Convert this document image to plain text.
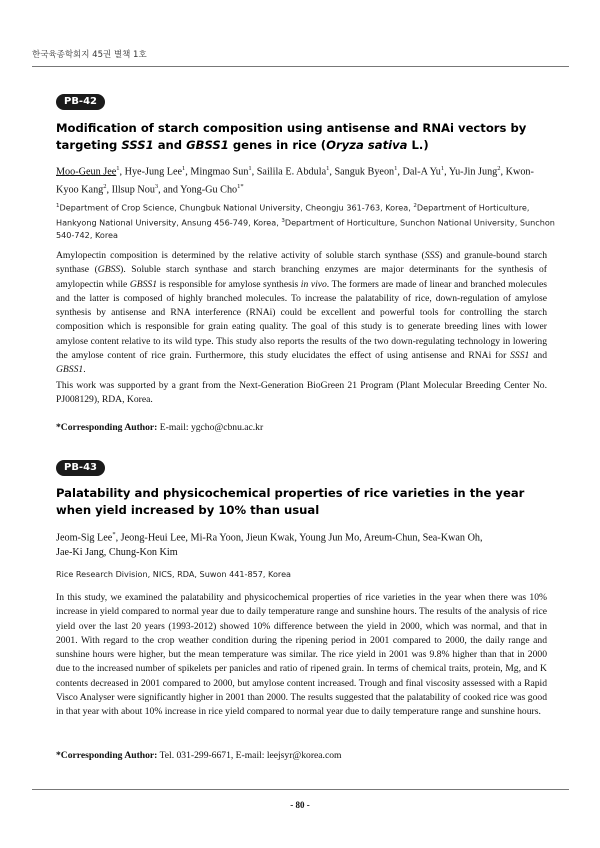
한국육종학회지 45권 별책 1호
PB-42
Modification of starch composition using antisense and RNAi vectors by targeting SSS1 and GBSS1 genes in rice (Oryza sativa L.)
Moo-Geun Jee$^1$, Hye-Jung Lee$^1$, Mingmao Sun$^1$, Sailila E. Abdula$^1$, Sanguk Byeon$^1$, Dal-A Yu$^1$, Yu-Jin Jung$^2$, Kwon-Kyoo Kang$^2$, Illsup Nou$^3$, and Yong-Gu Cho$^{1*}$
$^1$Department of Crop Science, Chungbuk National University, Cheongju 361-763, Korea, $^2$Department of Horticulture, Hankyong National University, Ansung 456-749, Korea, $^3$Department of Horticulture, Sunchon National University, Sunchon 540-742, Korea
Amylopectin composition is determined by the relative activity of soluble starch synthase (SSS) and granule-bound starch synthase (GBSS). Soluble starch synthase and starch branching enzymes are major determinants for the synthesis of amylopectin while GBSS1 is responsible for amylose synthesis in vivo. The formers are made of linear and branched molecules and the latter is composed of highly branched molecules. To increase the palatability of rice, down-regulation of amylose synthesis by antisense and RNA interference (RNAi) could be excellent and powerful tools for controlling the starch composition which is responsible for grain eating quality. The goal of this study is to generate breeding lines with lower amylose content relative to its wild type. This study also reports the results of the two down-regulating technology in lowering the amylose content of rice grain. Furthermore, this study elucidates the effect of using antisense and RNAi for SSS1 and GBSS1.
This work was supported by a grant from the Next-Generation BioGreen 21 Program (Plant Molecular Breeding Center No. PJ008129), RDA, Korea.
*Corresponding Author: E-mail: ygcho@cbnu.ac.kr
PB-43
Palatability and physicochemical properties of rice varieties in the year when yield increased by 10% than usual
Jeom-Sig Lee*, Jeong-Heui Lee, Mi-Ra Yoon, Jieun Kwak, Young Jun Mo, Areum-Chun, Sea-Kwan Oh,
Jae-Ki Jang, Chung-Kon Kim
Rice Research Division, NICS, RDA, Suwon 441-857, Korea
In this study, we examined the palatability and physicochemical properties of rice varieties in the year when there was 10% increase in yield compared to normal year due to daily temperature range and sunshine hours. The results of the analysis of rice yield over the last 20 years (1993-2012) showed 10% difference between the yield in 2000, which was normal, and that in 2001. With regard to the crop weather condition during the ripening period in 2001 compared to 2000, the daily range and sunshine hours were higher, but the mean temperature was similar. The rice yield in 2001 was 9.8% higher than that in 2000 due to the increased number of spikelets per panicles and ratio of ripened grain. In terms of chemical traits, protein, Mg, and K contents decreased in 2001 compared to 2000, but amylose content increased. Trough and final viscosity assessed with a Rapid Visco Analyser were significantly higher in 2001 than 2000. The results suggested that the palatability of cooked rice was good in that year with about 10% increase in rice yield compared to normal year due to daily temperature range and sunshine hours.
*Corresponding Author: Tel. 031-299-6671, E-mail: leejsyr@korea.com
- 80 -
